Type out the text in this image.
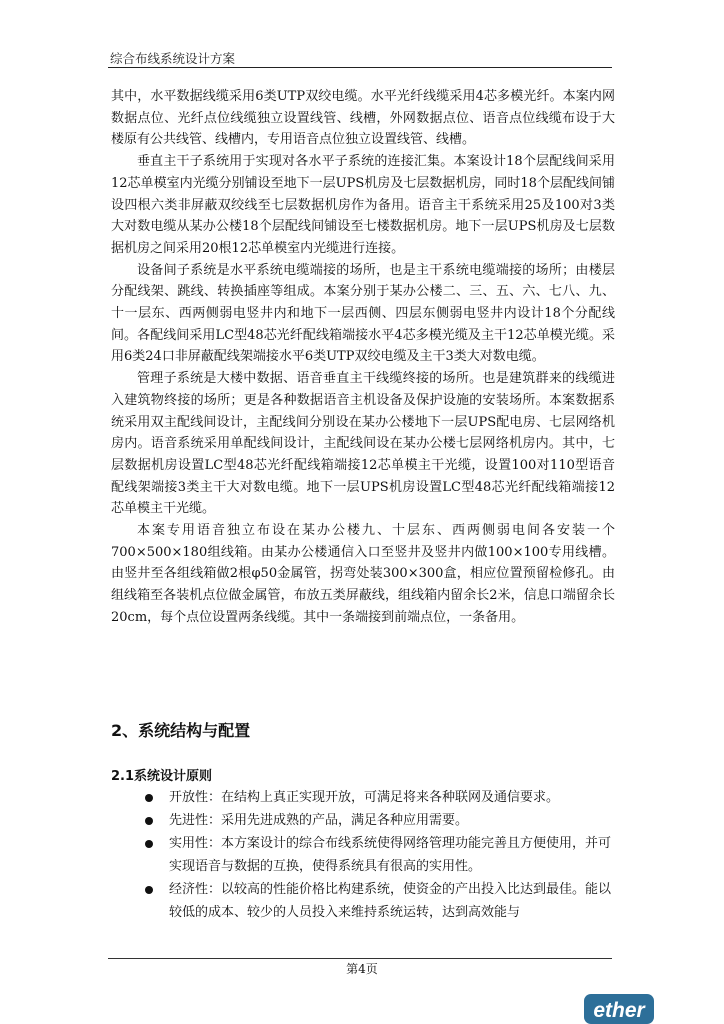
综合布线系统设计方案

其中，水平数据线缆采用6类UTP双绞电缆。水平光纤线缆采用4芯多模光纤。本案内网数据点位、光纤点位线缆独立设置线管、线槽，外网数据点位、语音点位线缆布设于大楼原有公共线管、线槽内，专用语音点位独立设置线管、线槽。

垂直主干子系统用于实现对各水平子系统的连接汇集。本案设计18个层配线间采用12芯单模室内光缆分别铺设至地下一层UPS机房及七层数据机房，同时18个层配线间铺设四根六类非屏蔽双绞线至七层数据机房作为备用。语音主干系统采用25及100对3类大对数电缆从某办公楼18个层配线间铺设至七楼数据机房。地下一层UPS机房及七层数据机房之间采用20根12芯单模室内光缆进行连接。

设备间子系统是水平系统电缆端接的场所，也是主干系统电缆端接的场所；由楼层分配线架、跳线、转换插座等组成。本案分别于某办公楼二、三、五、六、七八、九、十一层东、西两侧弱电竖井内和地下一层西侧、四层东侧弱电竖井内设计18个分配线间。各配线间采用LC型48芯光纤配线箱端接水平4芯多模光缆及主干12芯单模光缆。采用6类24口非屏蔽配线架端接水平6类UTP双绞电缆及主干3类大对数电缆。

管理子系统是大楼中数据、语音垂直主干线缆终接的场所。也是建筑群来的线缆进入建筑物终接的场所；更是各种数据语音主机设备及保护设施的安装场所。本案数据系统采用双主配线间设计，主配线间分别设在某办公楼地下一层UPS配电房、七层网络机房内。语音系统采用单配线间设计，主配线间设在某办公楼七层网络机房内。其中，七层数据机房设置LC型48芯光纤配线箱端接12芯单模主干光缆，设置100对110型语音配线架端接3类主干大对数电缆。地下一层UPS机房设置LC型48芯光纤配线箱端接12芯单模主干光缆。

本案专用语音独立布设在某办公楼九、十层东、西两侧弱电间各安装一个700×500×180组线箱。由某办公楼通信入口至竖井及竖井内做100×100专用线槽。由竖井至各组线箱做2根φ50金属管，拐弯处装300×300盒，相应位置预留检修孔。由组线箱至各装机点位做金属管，布放五类屏蔽线，组线箱内留余长2米，信息口端留余长20cm，每个点位设置两条线缆。其中一条端接到前端点位，一条备用。

2、系统结构与配置
2.1系统设计原则
开放性：在结构上真正实现开放，可满足将来各种联网及通信要求。
先进性：采用先进成熟的产品，满足各种应用需要。
实用性：本方案设计的综合布线系统使得网络管理功能完善且方便使用，并可实现语音与数据的互换，使得系统具有很高的实用性。
经济性：以较高的性能价格比构建系统，使资金的产出投入比达到最佳。能以较低的成本、较少的人员投入来维持系统运转，达到高效能与
第4页
ether
